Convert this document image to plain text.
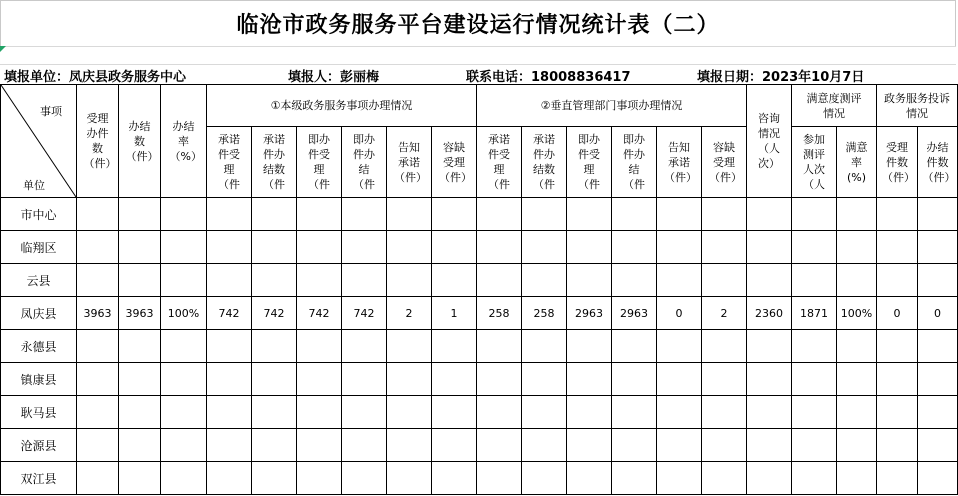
临沧市政务服务平台建设运行情况统计表（二）
填报单位：凤庆县政务服务中心	填报人：彭丽梅	联系电话：18008836417	填报日期：2023年10月7日
事项
单位	受理办件数（件）	办结数（件）	办结率（%）	①本级政务服务事项办理情况						②垂直管理部门事项办理情况						咨询情况（人次）	满意度测评情况		政务服务投诉情况	
				承诺件受理（件	承诺件办结数（件	即办件受理（件	即办件办结（件	告知承诺（件）	容缺受理（件）	承诺件受理（件	承诺件办结数（件	即办件受理（件	即办件办结（件	告知承诺（件）	容缺受理（件）		参加测评人次（人	满意率(%)	受理件数（件）	办结件数（件）
市中心																				
临翔区																				
云县																				
凤庆县	3963	3963	100%	742	742	742	742	2	1	258	258	2963	2963	0	2	2360	1871	100%	0	0
永德县																				
镇康县																				
耿马县																				
沧源县																				
双江县																				
